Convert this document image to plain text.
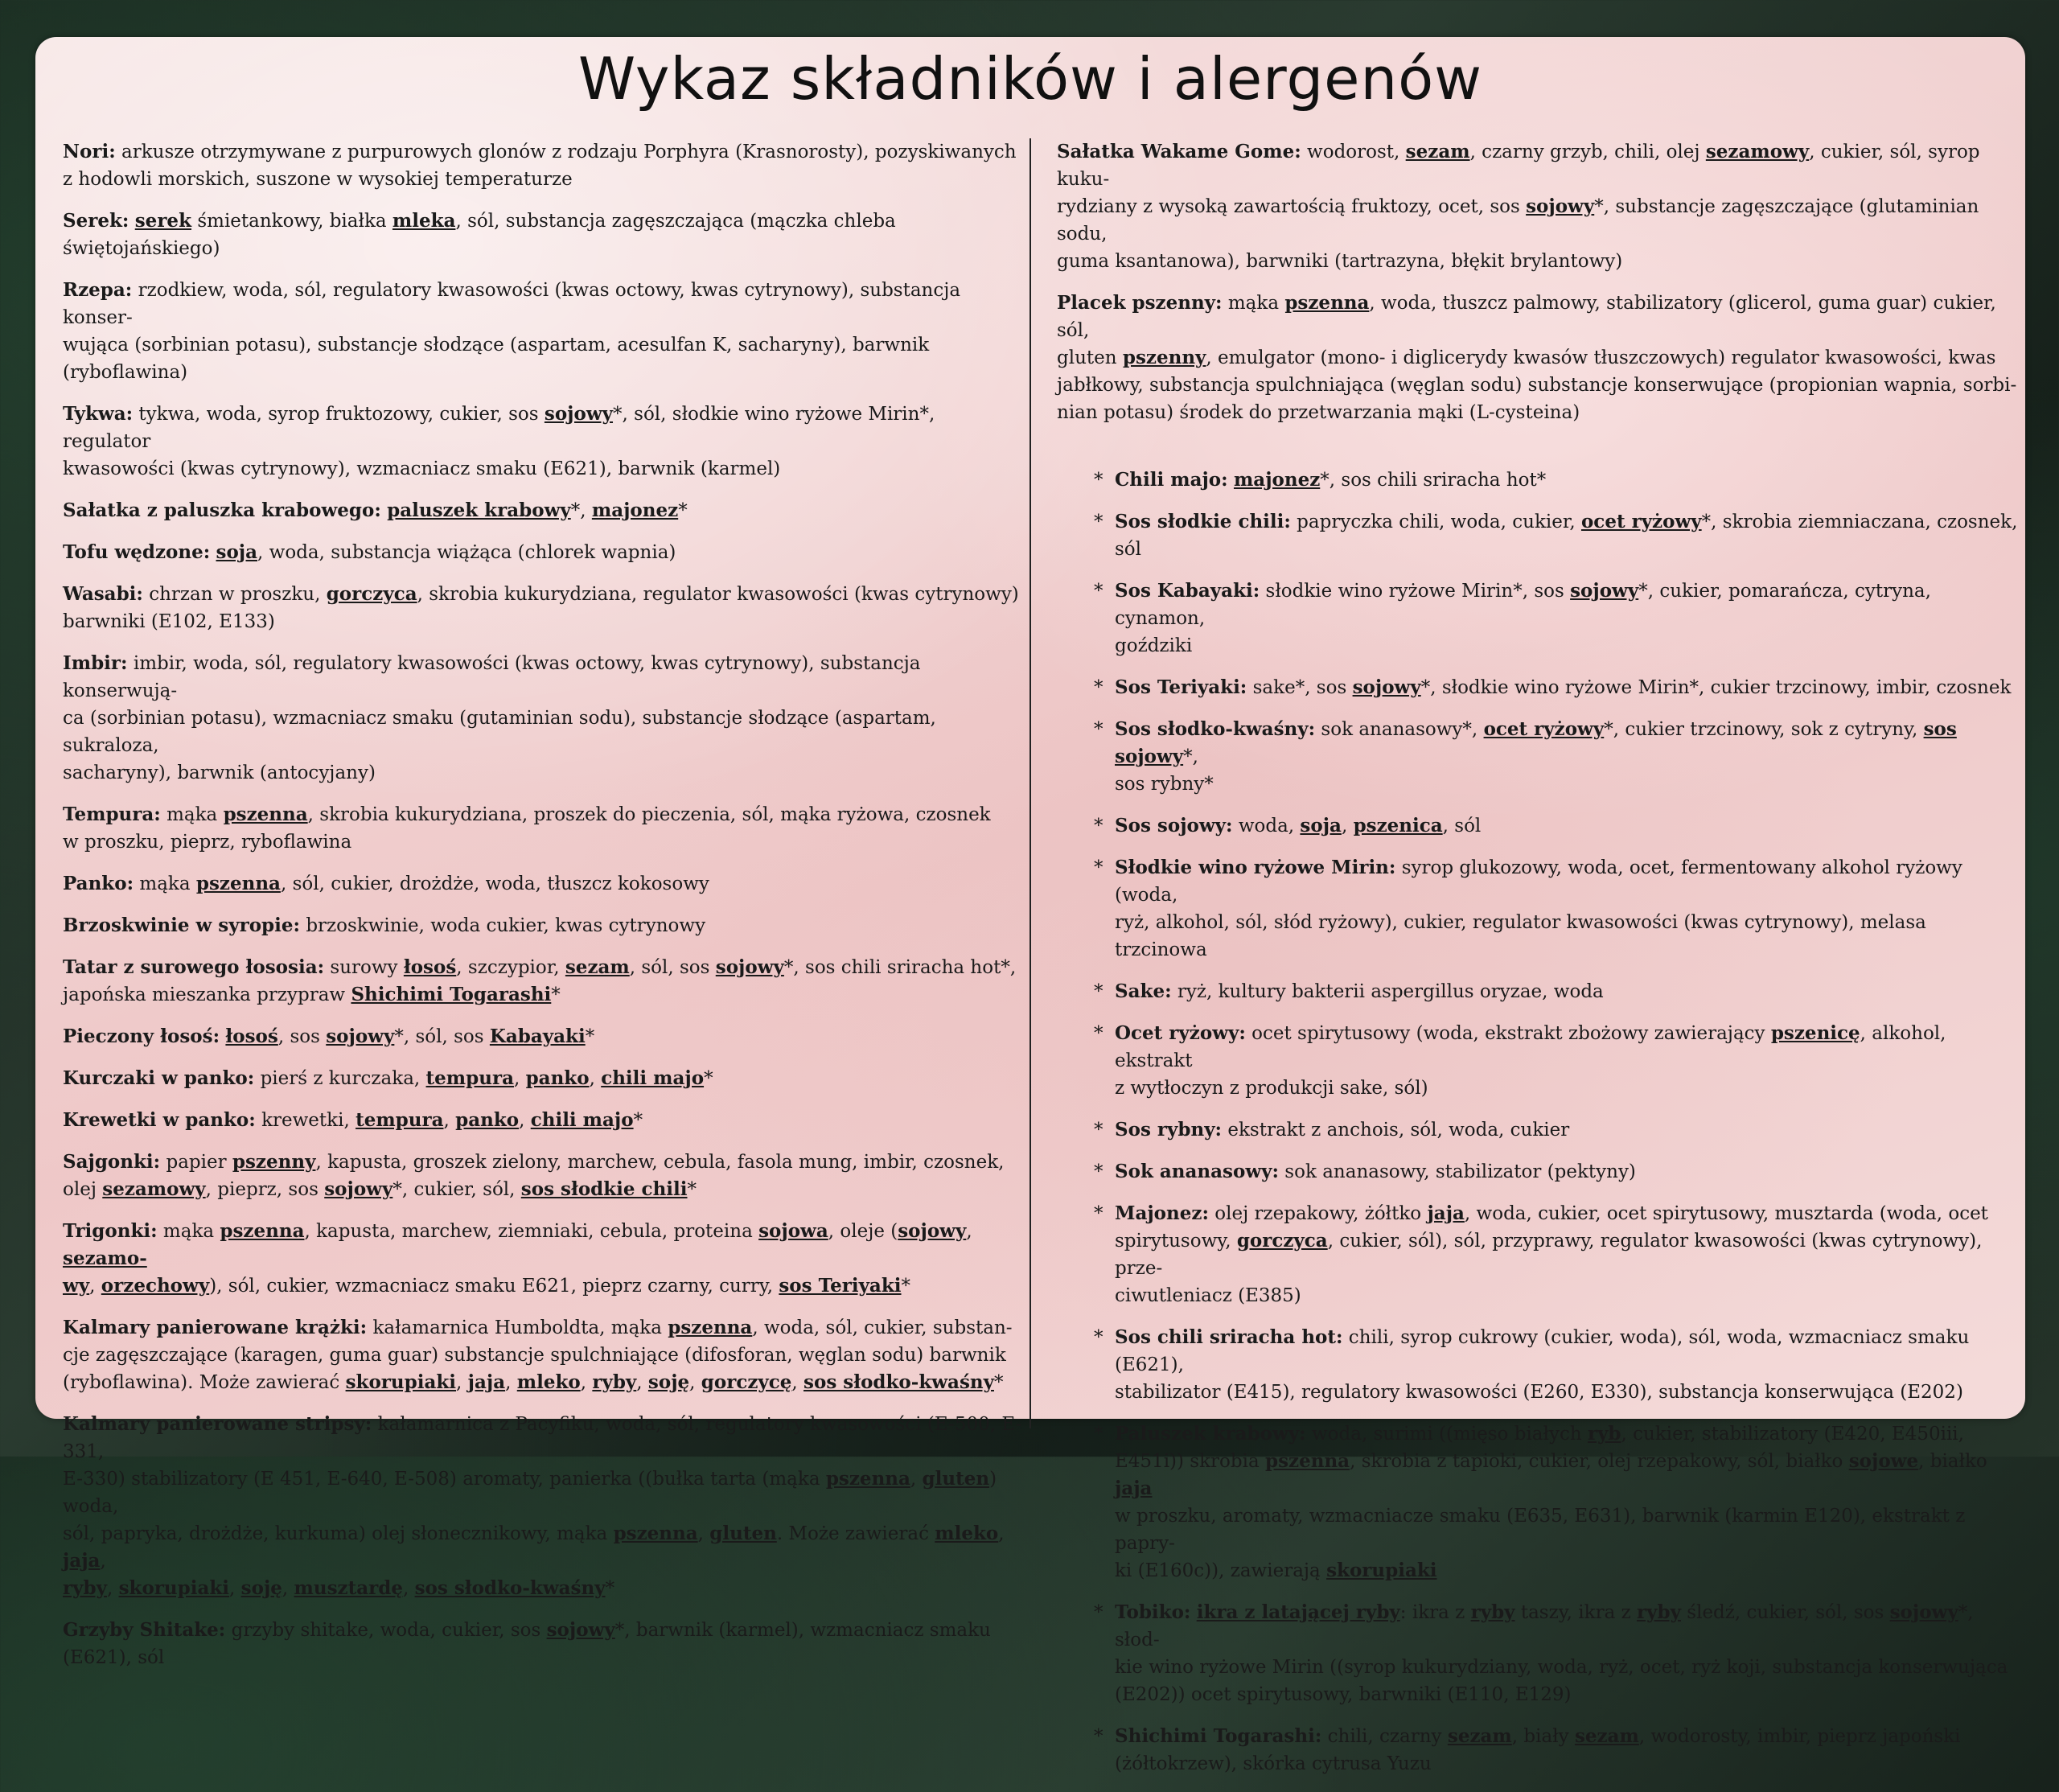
Wykaz składników i alergenów
Nori: arkusze otrzymywane z purpurowych glonów z rodzaju Porphyra (Krasnorosty), pozyskiwanych
z hodowli morskich, suszone w wysokiej temperaturze
Serek: serek śmietankowy, białka mleka, sól, substancja zagęszczająca (mączka chleba świętojańskiego)
Rzepa: rzodkiew, woda, sól, regulatory kwasowości (kwas octowy, kwas cytrynowy), substancja konser-
wująca (sorbinian potasu), substancje słodzące (aspartam, acesulfan K, sacharyny), barwnik (ryboflawina)
Tykwa: tykwa, woda, syrop fruktozowy, cukier, sos sojowy*, sól, słodkie wino ryżowe Mirin*, regulator
kwasowości (kwas cytrynowy), wzmacniacz smaku (E621), barwnik (karmel)
Sałatka z paluszka krabowego: paluszek krabowy*, majonez*
Tofu wędzone: soja, woda, substancja wiążąca (chlorek wapnia)
Wasabi: chrzan w proszku, gorczyca, skrobia kukurydziana, regulator kwasowości (kwas cytrynowy)
barwniki (E102, E133)
Imbir: imbir, woda, sól, regulatory kwasowości (kwas octowy, kwas cytrynowy), substancja konserwują-
ca (sorbinian potasu), wzmacniacz smaku (gutaminian sodu), substancje słodzące (aspartam, sukraloza,
sacharyny), barwnik (antocyjany)
Tempura: mąka pszenna, skrobia kukurydziana, proszek do pieczenia, sól, mąka ryżowa, czosnek
w proszku, pieprz, ryboflawina
Panko: mąka pszenna, sól, cukier, drożdże, woda, tłuszcz kokosowy
Brzoskwinie w syropie: brzoskwinie, woda cukier, kwas cytrynowy
Tatar z surowego łososia: surowy łosoś, szczypior, sezam, sól, sos sojowy*, sos chili sriracha hot*,
japońska mieszanka przypraw Shichimi Togarashi*
Pieczony łosoś: łosoś, sos sojowy*, sól, sos Kabayaki*
Kurczaki w panko: pierś z kurczaka, tempura, panko, chili majo*
Krewetki w panko: krewetki, tempura, panko, chili majo*
Sajgonki: papier pszenny, kapusta, groszek zielony, marchew, cebula, fasola mung, imbir, czosnek,
olej sezamowy, pieprz, sos sojowy*, cukier, sól, sos słodkie chili*
Trigonki: mąka pszenna, kapusta, marchew, ziemniaki, cebula, proteina sojowa, oleje (sojowy, sezamo-
wy, orzechowy), sól, cukier, wzmacniacz smaku E621, pieprz czarny, curry, sos Teriyaki*
Kalmary panierowane krążki: kałamarnica Humboldta, mąka pszenna, woda, sól, cukier, substan-
cje zagęszczające (karagen, guma guar) substancje spulchniające (difosforan, węglan sodu) barwnik
(ryboflawina). Może zawierać skorupiaki, jaja, mleko, ryby, soję, gorczycę, sos słodko-kwaśny*
Kalmary panierowane stripsy: kałamarnica z Pacyfiku, woda, sól, regulatory kwasowości (E-500, E-331,
E-330) stabilizatory (E 451, E-640, E-508) aromaty, panierka ((bułka tarta (mąka pszenna, gluten) woda,
sól, papryka, drożdże, kurkuma) olej słonecznikowy, mąka pszenna, gluten. Może zawierać mleko, jaja,
ryby, skorupiaki, soję, musztardę, sos słodko-kwaśny*
Grzyby Shitake: grzyby shitake, woda, cukier, sos sojowy*, barwnik (karmel), wzmacniacz smaku
(E621), sól
Sałatka Wakame Gome: wodorost, sezam, czarny grzyb, chili, olej sezamowy, cukier, sól, syrop kuku-
rydziany z wysoką zawartością fruktozy, ocet, sos sojowy*, substancje zagęszczające (glutaminian sodu,
guma ksantanowa), barwniki (tartrazyna, błękit brylantowy)
Placek pszenny: mąka pszenna, woda, tłuszcz palmowy, stabilizatory (glicerol, guma guar) cukier, sól,
gluten pszenny, emulgator (mono- i diglicerydy kwasów tłuszczowych) regulator kwasowości, kwas
jabłkowy, substancja spulchniająca (węglan sodu) substancje konserwujące (propionian wapnia, sorbi-
nian potasu) środek do przetwarzania mąki (L-cysteina)
* Chili majo: majonez*, sos chili sriracha hot*
* Sos słodkie chili: papryczka chili, woda, cukier, ocet ryżowy*, skrobia ziemniaczana, czosnek, sól
* Sos Kabayaki: słodkie wino ryżowe Mirin*, sos sojowy*, cukier, pomarańcza, cytryna, cynamon,
goździki
* Sos Teriyaki: sake*, sos sojowy*, słodkie wino ryżowe Mirin*, cukier trzcinowy, imbir, czosnek
* Sos słodko-kwaśny: sok ananasowy*, ocet ryżowy*, cukier trzcinowy, sok z cytryny, sos sojowy*,
sos rybny*
* Sos sojowy: woda, soja, pszenica, sól
* Słodkie wino ryżowe Mirin: syrop glukozowy, woda, ocet, fermentowany alkohol ryżowy (woda,
ryż, alkohol, sól, słód ryżowy), cukier, regulator kwasowości (kwas cytrynowy), melasa trzcinowa
* Sake: ryż, kultury bakterii aspergillus oryzae, woda
* Ocet ryżowy: ocet spirytusowy (woda, ekstrakt zbożowy zawierający pszenicę, alkohol, ekstrakt
z wytłoczyn z produkcji sake, sól)
* Sos rybny: ekstrakt z anchois, sól, woda, cukier
* Sok ananasowy: sok ananasowy, stabilizator (pektyny)
* Majonez: olej rzepakowy, żółtko jaja, woda, cukier, ocet spirytusowy, musztarda (woda, ocet
spirytusowy, gorczyca, cukier, sól), sól, przyprawy, regulator kwasowości (kwas cytrynowy), prze-
ciwutleniacz (E385)
* Sos chili sriracha hot: chili, syrop cukrowy (cukier, woda), sól, woda, wzmacniacz smaku (E621),
stabilizator (E415), regulatory kwasowości (E260, E330), substancja konserwująca (E202)
* Paluszek krabowy: woda, surimi ((mięso białych ryb, cukier, stabilizatory (E420, E450iii,
E451i)) skrobia pszenna, skrobia z tapioki, cukier, olej rzepakowy, sól, białko sojowe, białko jaja
w proszku, aromaty, wzmacniacze smaku (E635, E631), barwnik (karmin E120), ekstrakt z papry-
ki (E160c)), zawierają skorupiaki
* Tobiko: ikra z latającej ryby: ikra z ryby taszy, ikra z ryby śledź, cukier, sól, sos sojowy*, słod-
kie wino ryżowe Mirin ((syrop kukurydziany, woda, ryż, ocet, ryż koji, substancja konserwująca
(E202)) ocet spirytusowy, barwniki (E110, E129)
* Shichimi Togarashi: chili, czarny sezam, biały sezam, wodorosty, imbir, pieprz japoński
(żółtokrzew), skórka cytrusa Yuzu
